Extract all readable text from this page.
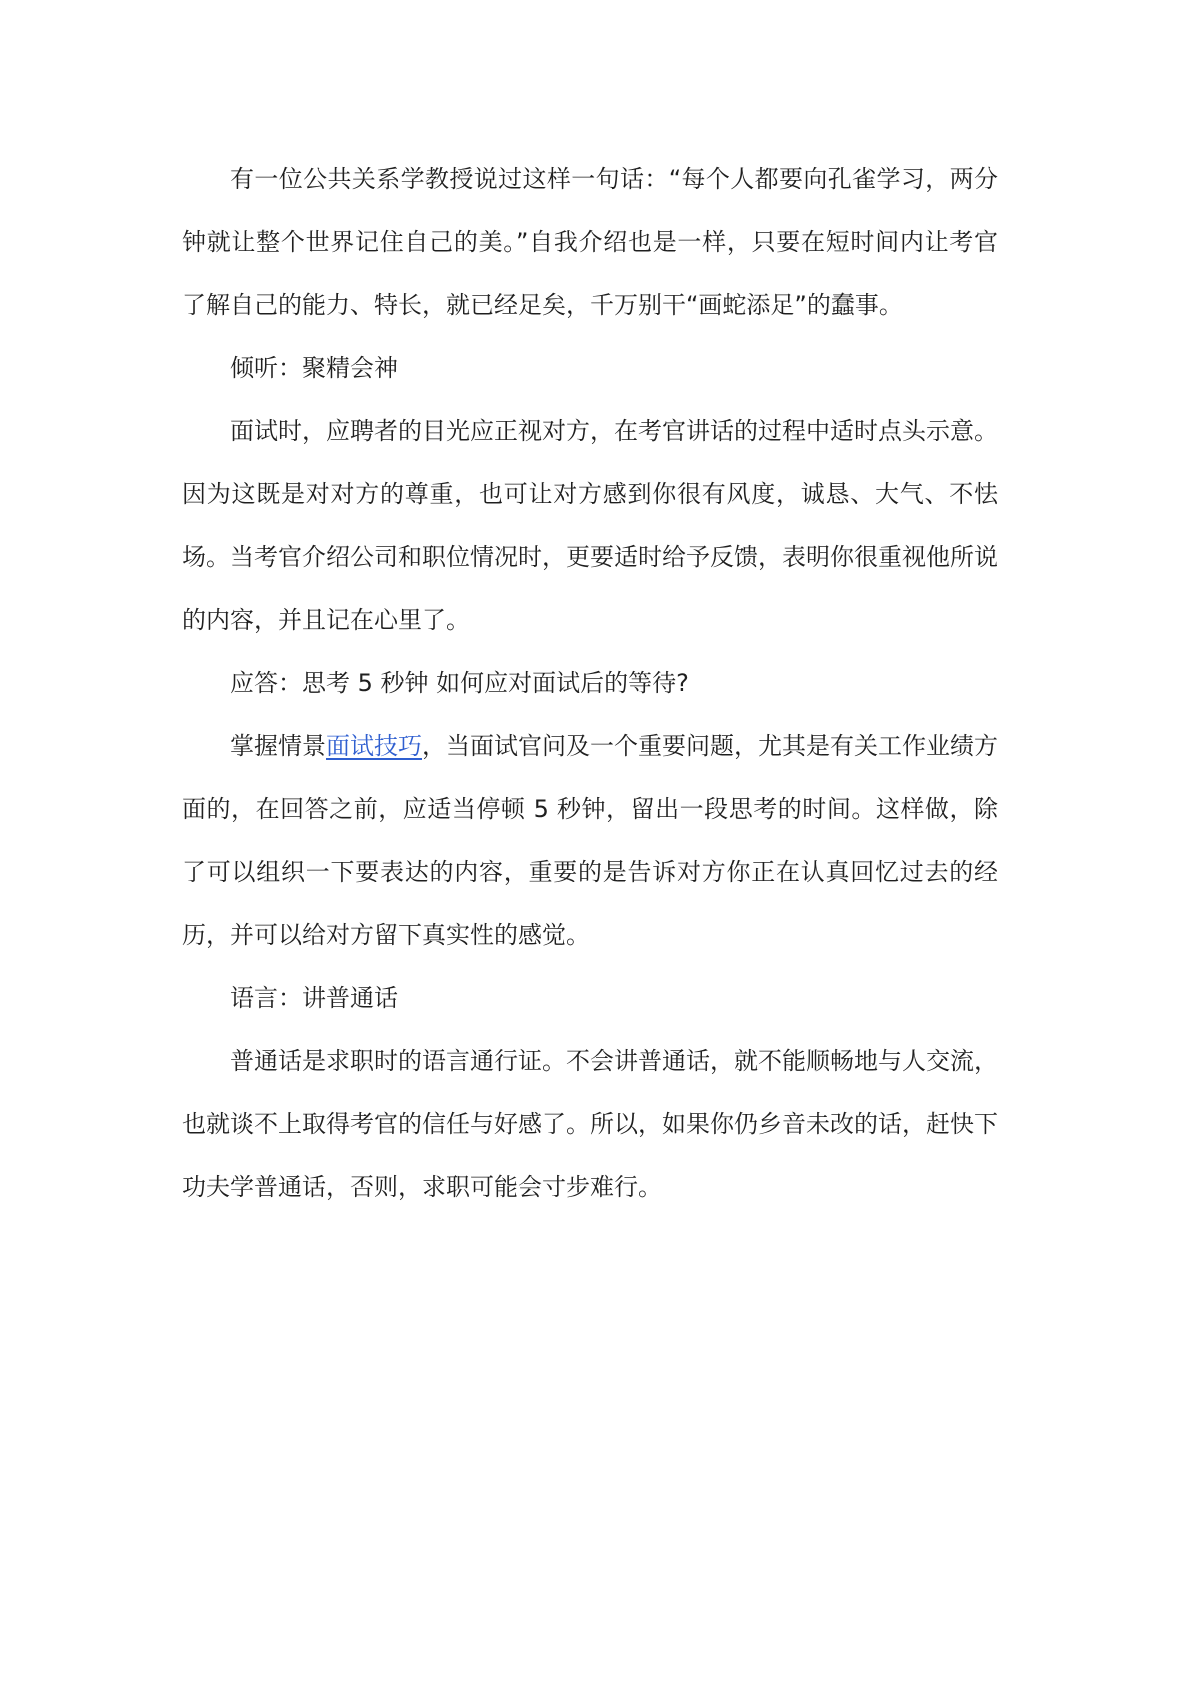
有一位公共关系学教授说过这样一句话：“每个人都要向孔雀学习，两分钟就让整个世界记住自己的美。”自我介绍也是一样，只要在短时间内让考官了解自己的能力、特长，就已经足矣，千万别干“画蛇添足”的蠢事。

倾听：聚精会神

面试时，应聘者的目光应正视对方，在考官讲话的过程中适时点头示意。因为这既是对对方的尊重，也可让对方感到你很有风度，诚恳、大气、不怯场。当考官介绍公司和职位情况时，更要适时给予反馈，表明你很重视他所说的内容，并且记在心里了。

应答：思考 5 秒钟 如何应对面试后的等待?

掌握情景面试技巧，当面试官问及一个重要问题，尤其是有关工作业绩方面的，在回答之前，应适当停顿 5 秒钟，留出一段思考的时间。这样做，除了可以组织一下要表达的内容，重要的是告诉对方你正在认真回忆过去的经历，并可以给对方留下真实性的感觉。

语言：讲普通话

普通话是求职时的语言通行证。不会讲普通话，就不能顺畅地与人交流，也就谈不上取得考官的信任与好感了。所以，如果你仍乡音未改的话，赶快下功夫学普通话，否则，求职可能会寸步难行。
